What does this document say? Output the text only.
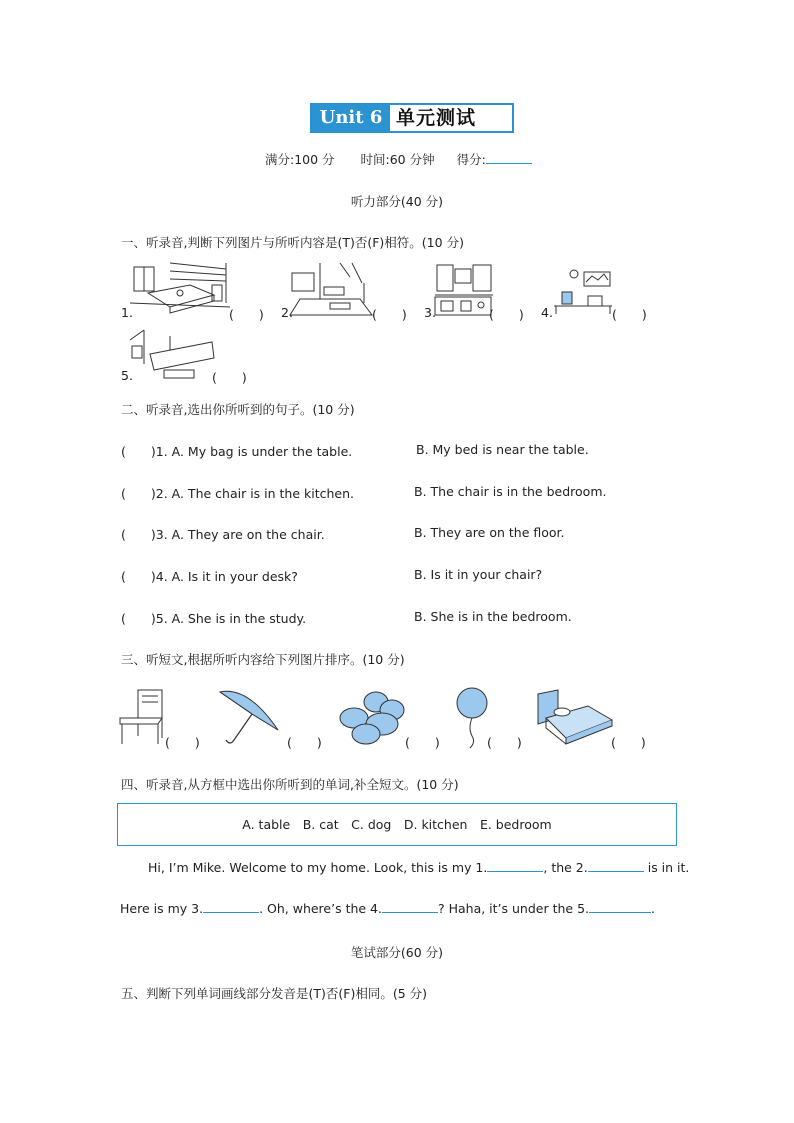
Unit 6 单元测试
满分:100 分 时间:60 分钟 得分:
听力部分(40 分)
一、听录音,判断下列图片与所听内容是(T)否(F)相符。(10 分)
1.	(　　) 2.	(　　) 3.	(　　) 4.	(　　)
5.	(　　)
二、听录音,选出你所听到的句子。(10 分)
(　　)1. A. My bag is under the table.	B. My bed is near the table.
(　　)2. A. The chair is in the kitchen.	B. The chair is in the bedroom.
(　　)3. A. They are on the chair.	B. They are on the floor.
(　　)4. A. Is it in your desk?	B. Is it in your chair?
(　　)5. A. She is in the study.	B. She is in the bedroom.
三、听短文,根据所听内容给下列图片排序。(10 分)
(　　)	(　　)	(　　)	(　　)	(　　)
四、听录音,从方框中选出你所听到的单词,补全短文。(10 分)
A. table　B. cat　C. dog　D. kitchen　E. bedroom
Hi, I’m Mike. Welcome to my home. Look, this is my 1.	, the 2.	is in it.
Here is my 3.	. Oh, where’s the 4.	? Haha, it’s under the 5.	.
笔试部分(60 分)
五、判断下列单词画线部分发音是(T)否(F)相同。(5 分)
